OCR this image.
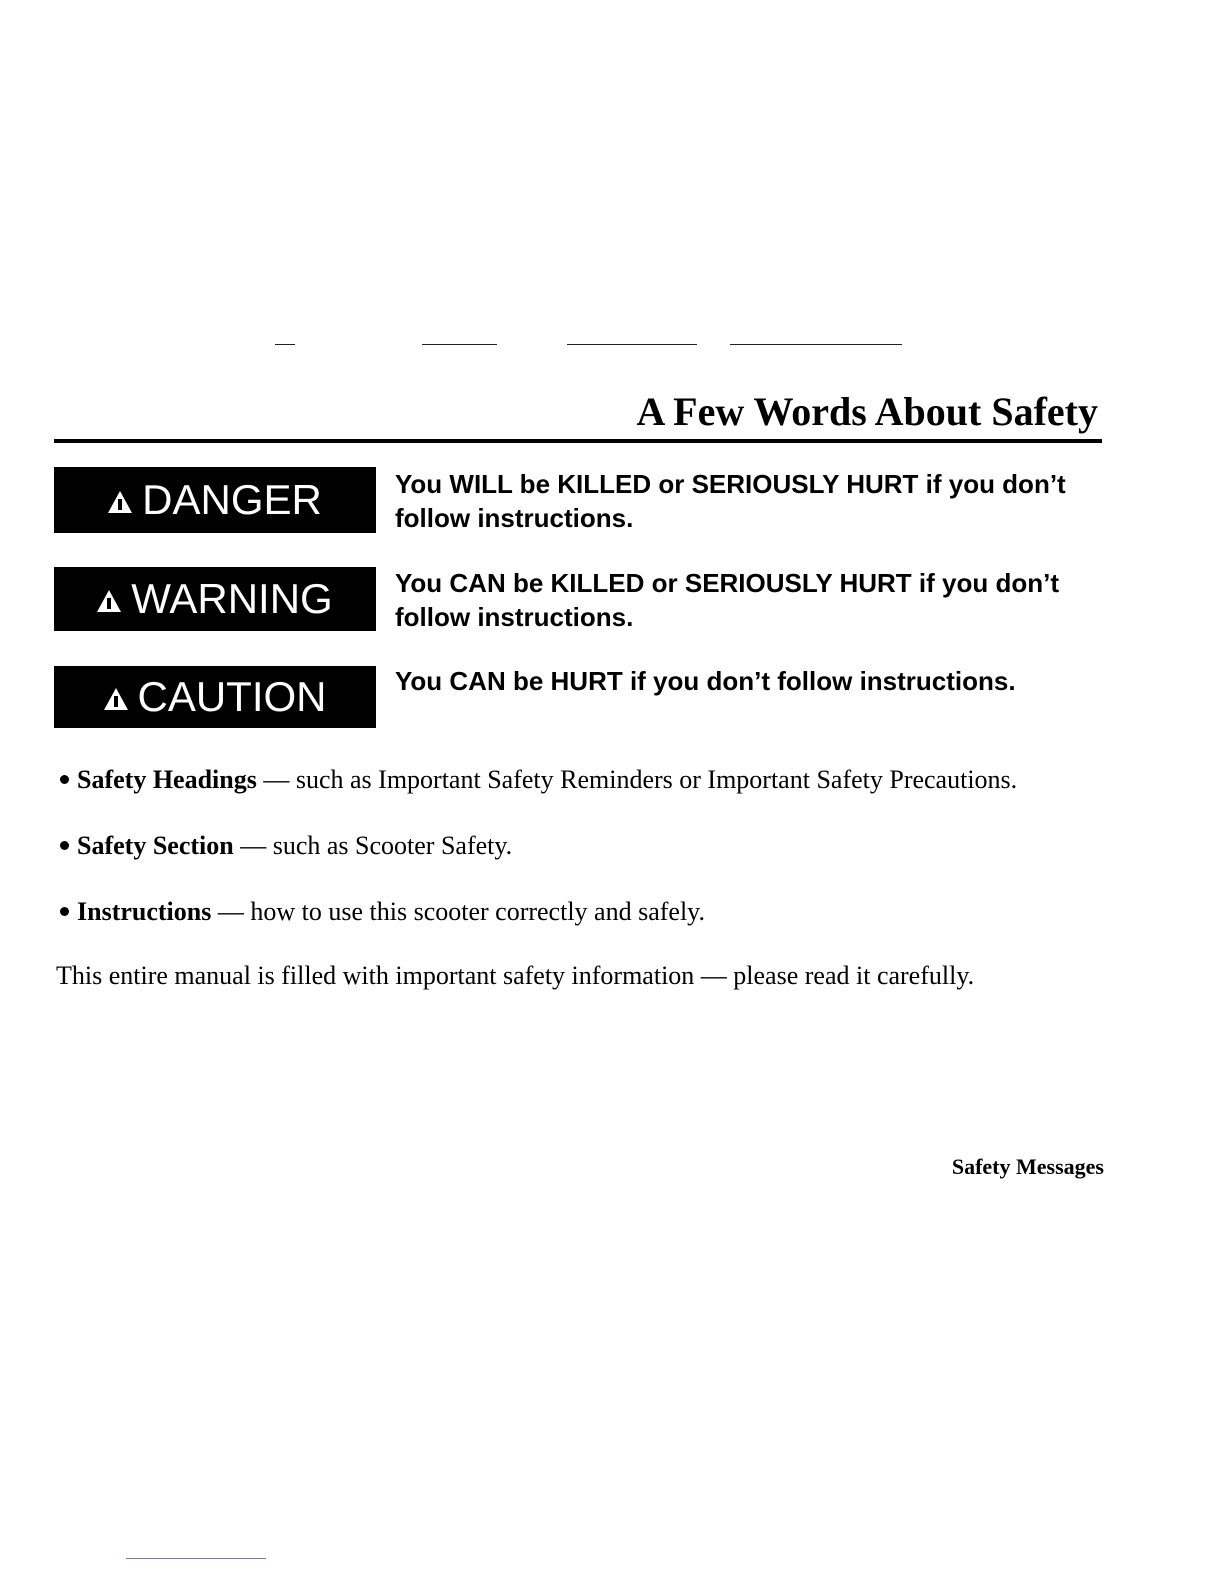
A Few Words About Safety
DANGER	You WILL be KILLED or SERIOUSLY HURT if you don’t follow instructions.
WARNING You CAN be KILLED or SERIOUSLY HURT if you don’t follow instructions.
CAUTION	You CAN be HURT if you don’t follow instructions.
Safety Headings — such as Important Safety Reminders or Important Safety Precautions.
Safety Section — such as Scooter Safety.
Instructions — how to use this scooter correctly and safely.
This entire manual is filled with important safety information — please read it carefully.
Safety Messages
